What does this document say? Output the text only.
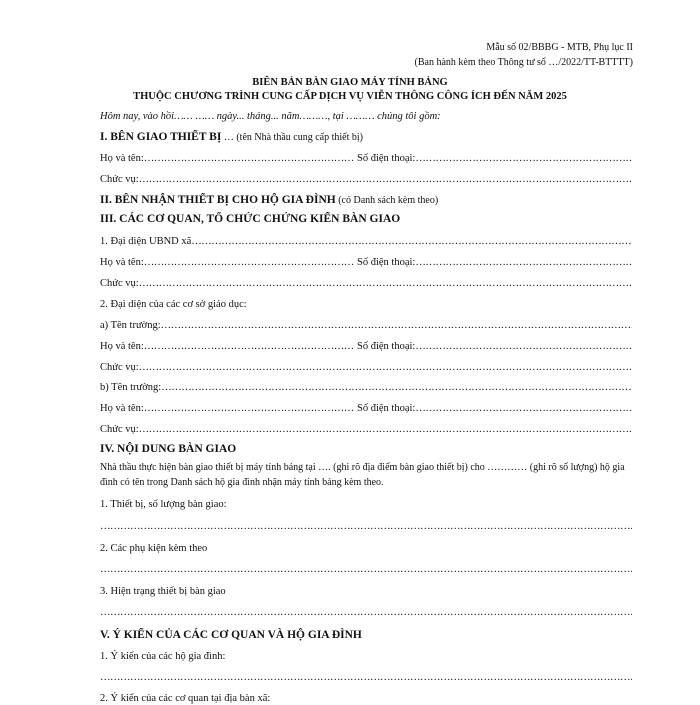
Mẫu số 02/BBBG - MTB, Phụ lục II
(Ban hành kèm theo Thông tư số …/2022/TT-BTTTT)
BIÊN BẢN BÀN GIAO MÁY TÍNH BẢNG
THUỘC CHƯƠNG TRÌNH CUNG CẤP DỊCH VỤ VIỄN THÔNG CÔNG ÍCH ĐẾN NĂM 2025
Hôm nay, vào hồi…… …… ngày... tháng... năm………, tại ……… chúng tôi gồm:
I. BÊN GIAO THIẾT BỊ … (tên Nhà thầu cung cấp thiết bị)
Họ và tên: …………………………………………………………………………………………………………………………………………………………………………………………	Số điện thoại:
…………………………………………………………………………………………………………………………………………………………………………………………
Chức vụ:
…………………………………………………………………………………………………………………………………………………………………………………………
II. BÊN NHẬN THIẾT BỊ CHO HỘ GIA ĐÌNH (có Danh sách kèm theo)
III. CÁC CƠ QUAN, TỔ CHỨC CHỨNG KIẾN BÀN GIAO
1. Đại diện UBND xã
…………………………………………………………………………………………………………………………………………………………………………………………
Họ và tên: …………………………………………………………………………………………………………………………………………………………………………………………	Số điện thoại:
…………………………………………………………………………………………………………………………………………………………………………………………
Chức vụ:
…………………………………………………………………………………………………………………………………………………………………………………………
2. Đại diện của các cơ sở giáo dục:
a) Tên trường:
…………………………………………………………………………………………………………………………………………………………………………………………
Họ và tên: …………………………………………………………………………………………………………………………………………………………………………………………	Số điện thoại:
…………………………………………………………………………………………………………………………………………………………………………………………
Chức vụ:
…………………………………………………………………………………………………………………………………………………………………………………………
b) Tên trường:
…………………………………………………………………………………………………………………………………………………………………………………………
Họ và tên: …………………………………………………………………………………………………………………………………………………………………………………………	Số điện thoại:
…………………………………………………………………………………………………………………………………………………………………………………………
Chức vụ:
…………………………………………………………………………………………………………………………………………………………………………………………
IV. NỘI DUNG BÀN GIAO
Nhà thầu thực hiện bàn giao thiết bị máy tính bảng tại …. (ghi rõ địa điểm bàn giao thiết bị) cho ………… (ghi rõ số lượng) hộ gia đình có tên trong Danh sách hộ gia đình nhận máy tính bảng kèm theo.
1. Thiết bị, số lượng bàn giao:
……………………………………………………………………………………………………………………………………………………………………………………………………………
2. Các phụ kiện kèm theo
……………………………………………………………………………………………………………………………………………………………………………………………………………
3. Hiện trạng thiết bị bàn giao
……………………………………………………………………………………………………………………………………………………………………………………………………………
V. Ý KIẾN CỦA CÁC CƠ QUAN VÀ HỘ GIA ĐÌNH
1. Ý kiến của các hộ gia đình:
……………………………………………………………………………………………………………………………………………………………………………………………………………
2. Ý kiến của các cơ quan tại địa bàn xã:
